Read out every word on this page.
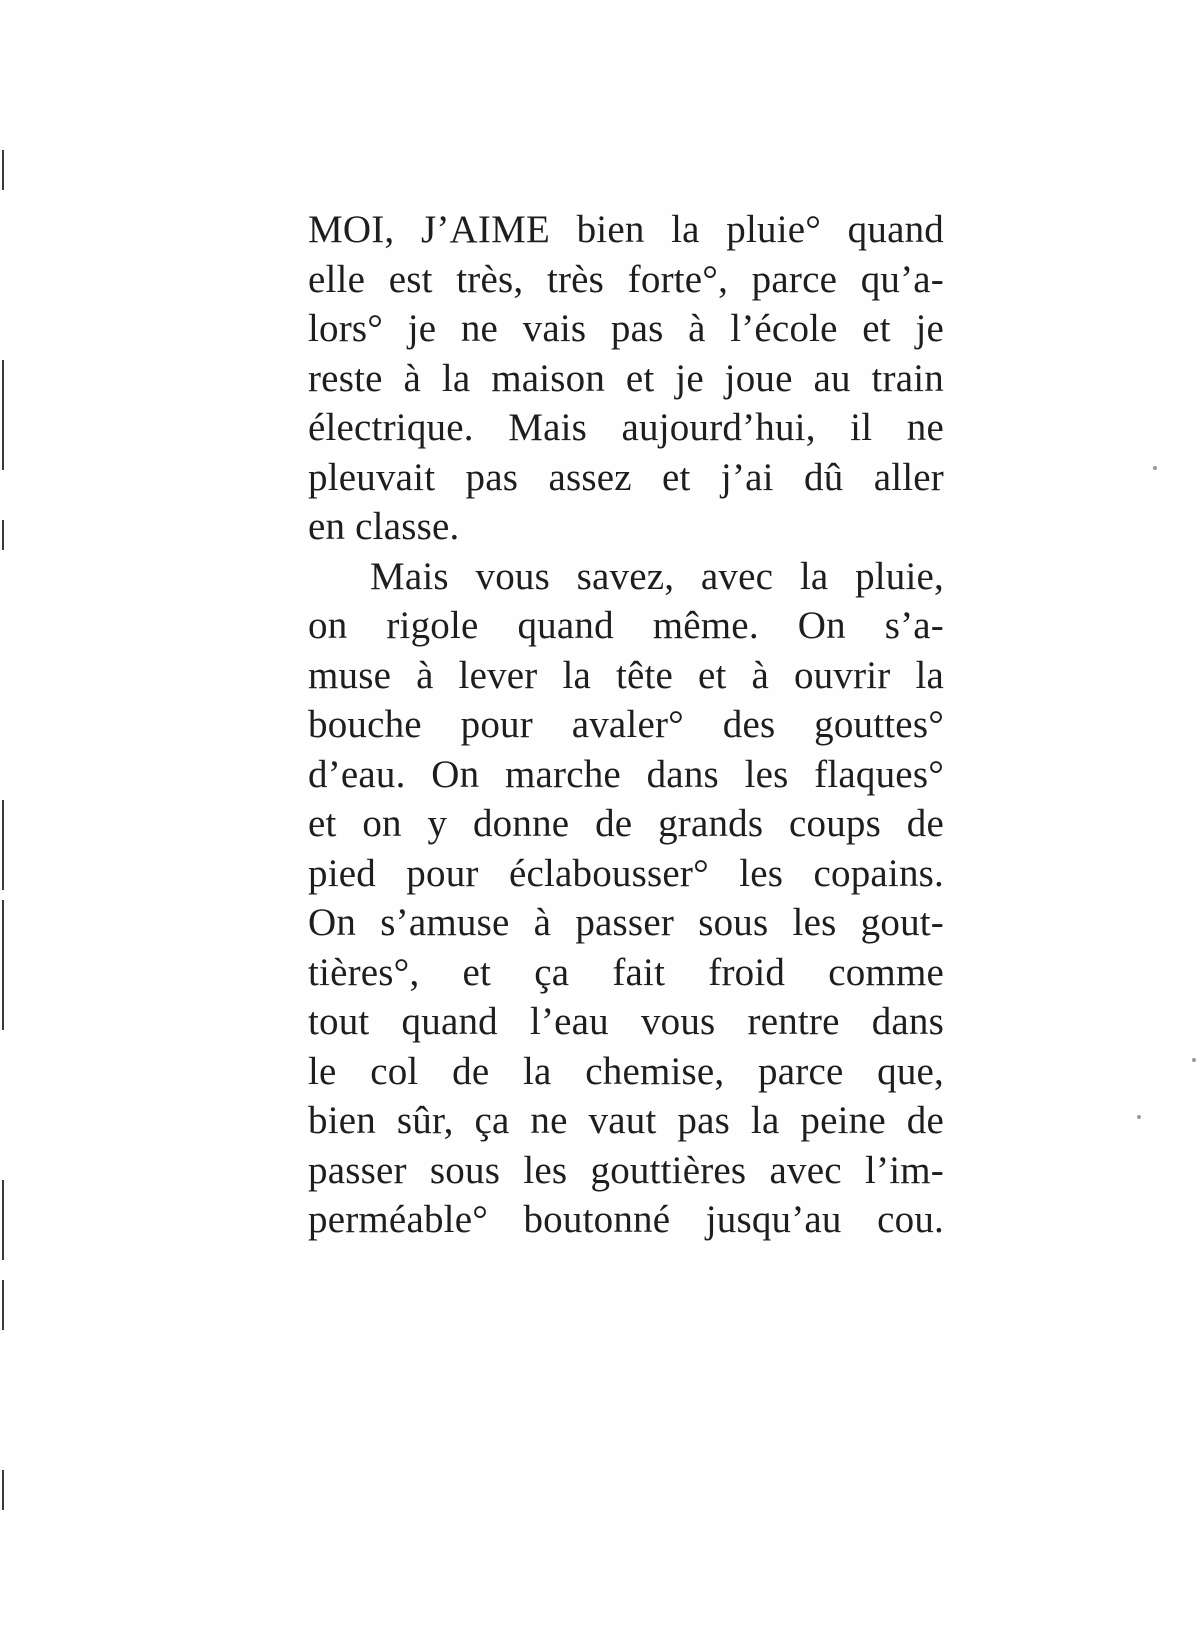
MOI, J’AIME bien la pluie° quand
elle est très, très forte°, parce qu’a-
lors° je ne vais pas à l’école et je
reste à la maison et je joue au train
électrique. Mais aujourd’hui, il ne
pleuvait pas assez et j’ai dû aller
en classe.
Mais vous savez, avec la pluie,
on rigole quand même. On s’a-
muse à lever la tête et à ouvrir la
bouche pour avaler° des gouttes°
d’eau. On marche dans les flaques°
et on y donne de grands coups de
pied pour éclabousser° les copains.
On s’amuse à passer sous les gout-
tières°, et ça fait froid comme
tout quand l’eau vous rentre dans
le col de la chemise, parce que,
bien sûr, ça ne vaut pas la peine de
passer sous les gouttières avec l’im-
perméable° boutonné jusqu’au cou.
